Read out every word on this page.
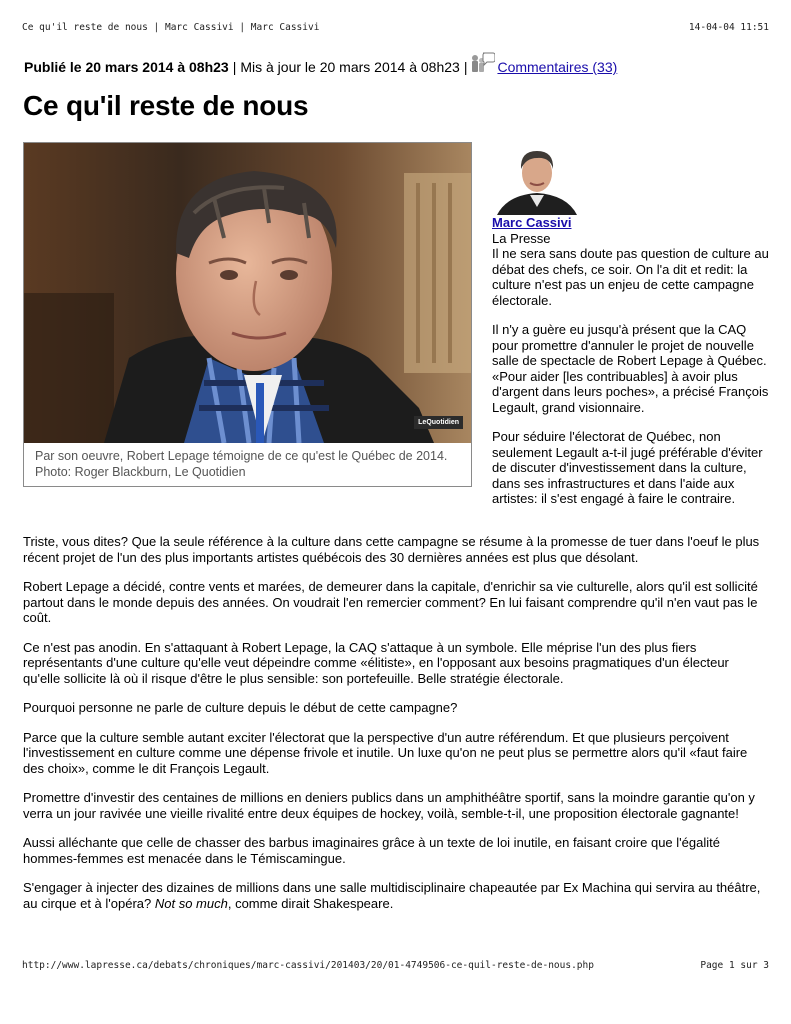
Ce qu'il reste de nous | Marc Cassivi | Marc Cassivi	14-04-04 11:51
Publié le 20 mars 2014 à 08h23 | Mis à jour le 20 mars 2014 à 08h23 | Commentaires (33)
Ce qu'il reste de nous
LeQuotidien
Par son oeuvre, Robert Lepage témoigne de ce qu'est le Québec de 2014.
Photo: Roger Blackburn, Le Quotidien

Marc Cassivi
La Presse
Il ne sera sans doute pas question de culture au débat des chefs, ce soir. On l'a dit et redit: la culture n'est pas un enjeu de cette campagne électorale.

Il n'y a guère eu jusqu'à présent que la CAQ pour promettre d'annuler le projet de nouvelle salle de spectacle de Robert Lepage à Québec. «Pour aider [les contribuables] à avoir plus d'argent dans leurs poches», a précisé François Legault, grand visionnaire.

Pour séduire l'électorat de Québec, non seulement Legault a-t-il jugé préférable d'éviter de discuter d'investissement dans la culture, dans ses infrastructures et dans l'aide aux artistes: il s'est engagé à faire le contraire.

Triste, vous dites? Que la seule référence à la culture dans cette campagne se résume à la promesse de tuer dans l'oeuf le plus récent projet de l'un des plus importants artistes québécois des 30 dernières années est plus que désolant.

Robert Lepage a décidé, contre vents et marées, de demeurer dans la capitale, d'enrichir sa vie culturelle, alors qu'il est sollicité partout dans le monde depuis des années. On voudrait l'en remercier comment? En lui faisant comprendre qu'il n'en vaut pas le coût.

Ce n'est pas anodin. En s'attaquant à Robert Lepage, la CAQ s'attaque à un symbole. Elle méprise l'un des plus fiers représentants d'une culture qu'elle veut dépeindre comme «élitiste», en l'opposant aux besoins pragmatiques d'un électeur qu'elle sollicite là où il risque d'être le plus sensible: son portefeuille. Belle stratégie électorale.

Pourquoi personne ne parle de culture depuis le début de cette campagne?

Parce que la culture semble autant exciter l'électorat que la perspective d'un autre référendum. Et que plusieurs perçoivent l'investissement en culture comme une dépense frivole et inutile. Un luxe qu'on ne peut plus se permettre alors qu'il «faut faire des choix», comme le dit François Legault.

Promettre d'investir des centaines de millions en deniers publics dans un amphithéâtre sportif, sans la moindre garantie qu'on y verra un jour ravivée une vieille rivalité entre deux équipes de hockey, voilà, semble-t-il, une proposition électorale gagnante!

Aussi alléchante que celle de chasser des barbus imaginaires grâce à un texte de loi inutile, en faisant croire que l'égalité hommes-femmes est menacée dans le Témiscamingue.

S'engager à injecter des dizaines de millions dans une salle multidisciplinaire chapeautée par Ex Machina qui servira au théâtre, au cirque et à l'opéra? Not so much, comme dirait Shakespeare.

http://www.lapresse.ca/debats/chroniques/marc-cassivi/201403/20/01-4749506-ce-quil-reste-de-nous.php	Page 1 sur 3
